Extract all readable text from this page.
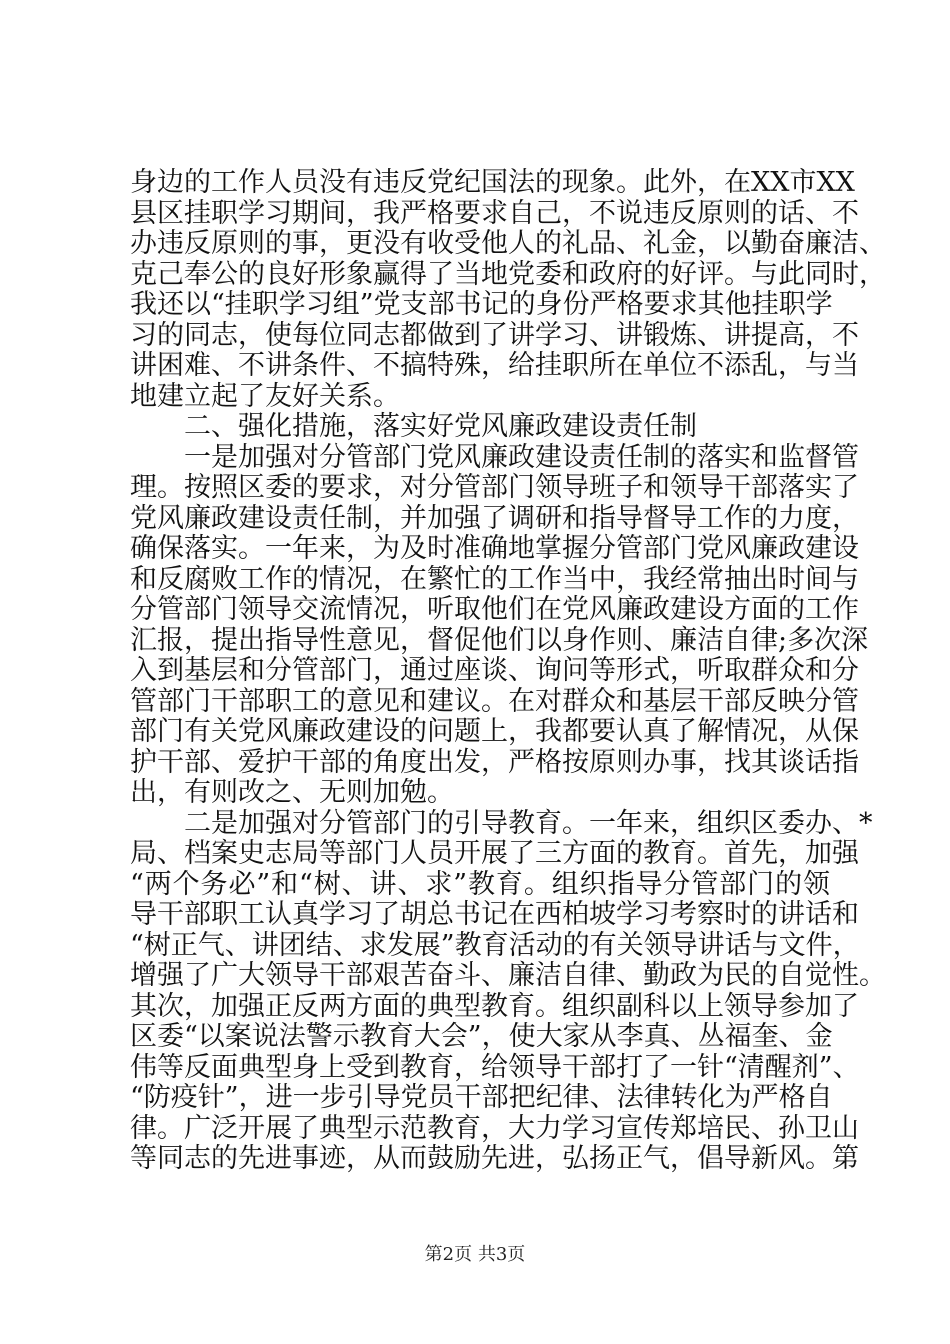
身边的工作人员没有违反党纪国法的现象。此外，在XX市XX
县区挂职学习期间，我严格要求自己，不说违反原则的话、不
办违反原则的事，更没有收受他人的礼品、礼金，以勤奋廉洁、
克己奉公的良好形象赢得了当地党委和政府的好评。与此同时，
我还以“挂职学习组”党支部书记的身份严格要求其他挂职学
习的同志，使每位同志都做到了讲学习、讲锻炼、讲提高，不
讲困难、不讲条件、不搞特殊，给挂职所在单位不添乱，与当
地建立起了友好关系。
二、强化措施，落实好党风廉政建设责任制
一是加强对分管部门党风廉政建设责任制的落实和监督管
理。按照区委的要求，对分管部门领导班子和领导干部落实了
党风廉政建设责任制，并加强了调研和指导督导工作的力度，
确保落实。一年来，为及时准确地掌握分管部门党风廉政建设
和反腐败工作的情况，在繁忙的工作当中，我经常抽出时间与
分管部门领导交流情况，听取他们在党风廉政建设方面的工作
汇报，提出指导性意见，督促他们以身作则、廉洁自律;多次深
入到基层和分管部门，通过座谈、询问等形式，听取群众和分
管部门干部职工的意见和建议。在对群众和基层干部反映分管
部门有关党风廉政建设的问题上，我都要认真了解情况，从保
护干部、爱护干部的角度出发，严格按原则办事，找其谈话指
出，有则改之、无则加勉。
二是加强对分管部门的引导教育。一年来，组织区委办、*
局、档案史志局等部门人员开展了三方面的教育。首先，加强
“两个务必”和“树、讲、求”教育。组织指导分管部门的领
导干部职工认真学习了胡总书记在西柏坡学习考察时的讲话和
“树正气、讲团结、求发展”教育活动的有关领导讲话与文件，
增强了广大领导干部艰苦奋斗、廉洁自律、勤政为民的自觉性。
其次，加强正反两方面的典型教育。组织副科以上领导参加了
区委“以案说法警示教育大会”，使大家从李真、丛福奎、金
伟等反面典型身上受到教育，给领导干部打了一针“清醒剂”、
“防疫针”，进一步引导党员干部把纪律、法律转化为严格自
律。广泛开展了典型示范教育，大力学习宣传郑培民、孙卫山
等同志的先进事迹，从而鼓励先进，弘扬正气，倡导新风。第
第2页 共3页
